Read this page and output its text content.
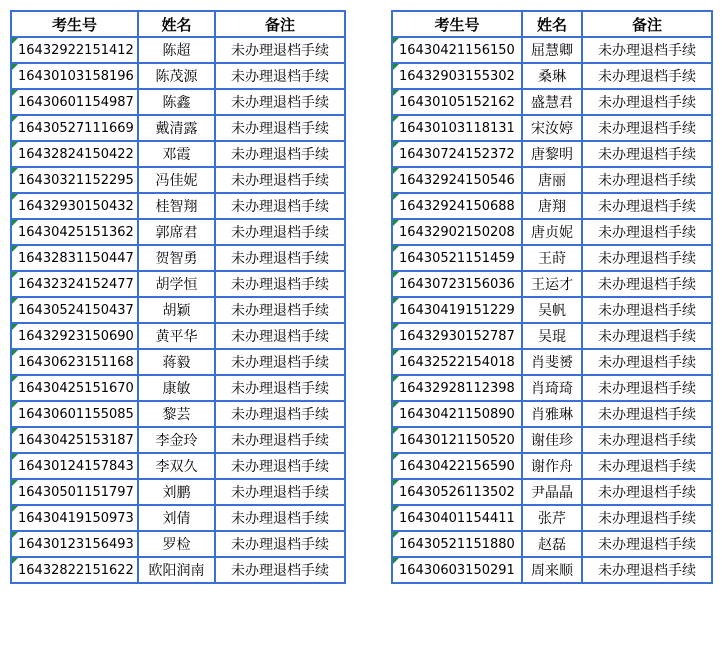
考生号	姓名	备注
16432922151412	陈超	未办理退档手续
16430103158196	陈茂源	未办理退档手续
16430601154987	陈鑫	未办理退档手续
16430527111669	戴清露	未办理退档手续
16432824150422	邓霞	未办理退档手续
16430321152295	冯佳妮	未办理退档手续
16432930150432	桂智翔	未办理退档手续
16430425151362	郭席君	未办理退档手续
16432831150447	贺智勇	未办理退档手续
16432324152477	胡学恒	未办理退档手续
16430524150437	胡颖	未办理退档手续
16432923150690	黄平华	未办理退档手续
16430623151168	蒋毅	未办理退档手续
16430425151670	康敏	未办理退档手续
16430601155085	黎芸	未办理退档手续
16430425153187	李金玲	未办理退档手续
16430124157843	李双久	未办理退档手续
16430501151797	刘鹏	未办理退档手续
16430419150973	刘倩	未办理退档手续
16430123156493	罗检	未办理退档手续
16432822151622	欧阳润南	未办理退档手续
考生号	姓名	备注
16430421156150	屈慧卿	未办理退档手续
16432903155302	桑琳	未办理退档手续
16430105152162	盛慧君	未办理退档手续
16430103118131	宋汝婷	未办理退档手续
16430724152372	唐黎明	未办理退档手续
16432924150546	唐丽	未办理退档手续
16432924150688	唐翔	未办理退档手续
16432902150208	唐贞妮	未办理退档手续
16430521151459	王莳	未办理退档手续
16430723156036	王运才	未办理退档手续
16430419151229	吴帆	未办理退档手续
16432930152787	吴琨	未办理退档手续
16432522154018	肖斐赟	未办理退档手续
16432928112398	肖琦琦	未办理退档手续
16430421150890	肖雅琳	未办理退档手续
16430121150520	谢佳珍	未办理退档手续
16430422156590	谢作舟	未办理退档手续
16430526113502	尹晶晶	未办理退档手续
16430401154411	张芹	未办理退档手续
16430521151880	赵磊	未办理退档手续
16430603150291	周来顺	未办理退档手续
